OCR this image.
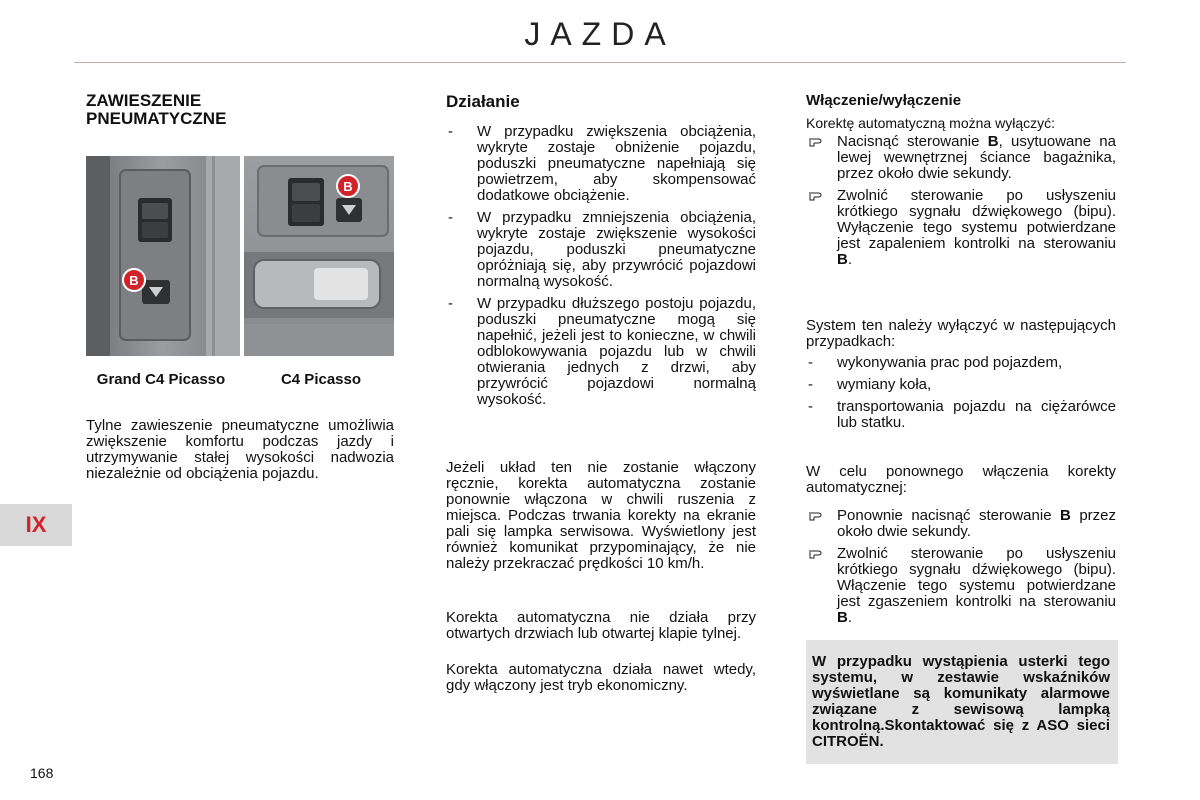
JAZDA
IX
168
ZAWIESZENIE PNEUMATYCZNE
B
B
Grand C4 Picasso	C4 Picasso
Tylne zawieszenie pneumatyczne umożliwia zwiększenie komfortu podczas jazdy i utrzymywanie stałej wysokości nadwozia niezależnie od obciążenia pojazdu.
Działanie
- W przypadku zwiększenia obciążenia, wykryte zostaje obniżenie pojazdu, poduszki pneumatyczne napełniają się powietrzem, aby skompensować dodatkowe obciążenie.
- W przypadku zmniejszenia obciążenia, wykryte zostaje zwiększenie wysokości pojazdu, poduszki pneumatyczne opróżniają się, aby przywrócić pojazdowi normalną wysokość.
- W przypadku dłuższego postoju pojazdu, poduszki pneumatyczne mogą się napełnić, jeżeli jest to konieczne, w chwili odblokowywania pojazdu lub w chwili otwierania jednych z drzwi, aby przywrócić pojazdowi normalną wysokość.
Jeżeli układ ten nie zostanie włączony ręcznie, korekta automatyczna zostanie ponownie włączona w chwili ruszenia z miejsca. Podczas trwania korekty na ekranie pali się lampka serwisowa. Wyświetlony jest również komunikat przypominający, że nie należy przekraczać prędkości 10 km/h.
Korekta automatyczna nie działa przy otwartych drzwiach lub otwartej klapie tylnej.
Korekta automatyczna działa nawet wtedy, gdy włączony jest tryb ekonomiczny.
Włączenie/wyłączenie
Korektę automatyczną można wyłączyć:
Nacisnąć sterowanie B, usytuowane na lewej wewnętrznej ściance bagażnika, przez około dwie sekundy.
Zwolnić sterowanie po usłyszeniu krótkiego sygnału dźwiękowego (bipu). Wyłączenie tego systemu potwierdzane jest zapaleniem kontrolki na sterowaniu B.
System ten należy wyłączyć w następujących przypadkach:
- wykonywania prac pod pojazdem,
- wymiany koła,
- transportowania pojazdu na ciężarówce lub statku.
W celu ponownego włączenia korekty automatycznej:
Ponownie nacisnąć sterowanie B przez około dwie sekundy.
Zwolnić sterowanie po usłyszeniu krótkiego sygnału dźwiękowego (bipu). Włączenie tego systemu potwierdzane jest zgaszeniem kontrolki na sterowaniu B.
W przypadku wystąpienia usterki tego systemu, w zestawie wskaźników wyświetlane są komunikaty alarmowe związane z sewisową lampką kontrolną.Skontaktować się z ASO sieci CITROËN.
